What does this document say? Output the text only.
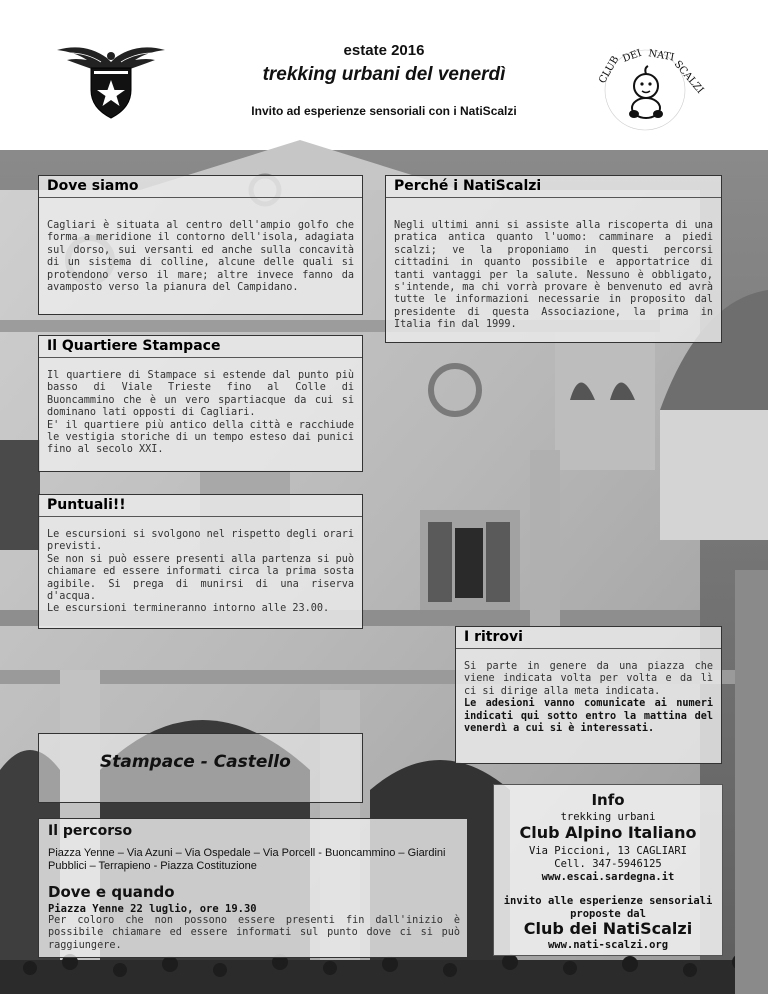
estate 2016
trekking urbani del venerdì
Invito ad esperienze sensoriali con i NatiScalzi
CLUB DEI NATI
SCALZI
Dove siamo

Cagliari è situata al centro dell'ampio golfo che forma a meridione il contorno dell'isola, adagiata sul dorso, sui versanti ed anche sulla concavità di un sistema di colline, alcune delle quali si protendono verso il mare; altre invece fanno da avamposto verso la pianura del Campidano.

Perché i NatiScalzi

Negli ultimi anni si assiste alla riscoperta di una pratica antica quanto l'uomo: camminare a piedi scalzi; ve la proponiamo in questi percorsi cittadini in quanto possibile e apportatrice di tanti vantaggi per la salute. Nessuno è obbligato, s'intende, ma chi vorrà provare è benvenuto ed avrà tutte le informazioni necessarie in proposito dal presidente di questa Associazione, la prima in Italia fin dal 1999.

Il Quartiere Stampace

Il quartiere di Stampace si estende dal punto più basso di Viale Trieste fino al Colle di Buoncammino che è un vero spartiacque da cui si dominano lati opposti di Cagliari.
E' il quartiere più antico della città e racchiude le vestigia storiche di un tempo esteso dai punici fino al secolo XXI.

Puntuali!!

Le escursioni si svolgono nel rispetto degli orari previsti.
Se non si può essere presenti alla partenza si può chiamare ed essere informati circa la prima sosta agibile. Si prega di munirsi di una riserva d'acqua.
Le escursioni termineranno intorno alle 23.00.

I ritrovi

Si parte in genere da una piazza che viene indicata volta per volta e da lì ci si dirige alla meta indicata.

Le adesioni vanno comunicate ai numeri indicati qui sotto entro la mattina del venerdì a cui si è interessati.

Stampace - Castello
Il percorso
Piazza Yenne – Via Azuni – Via Ospedale – Via Porcell - Buoncammino – Giardini Pubblici – Terrapieno - Piazza Costituzione
Dove e quando
Piazza Yenne 22 luglio, ore 19.30
Per coloro che non possono essere presenti fin dall'inizio è possibile chiamare ed essere informati sul punto dove ci si può raggiungere.
Info
trekking urbani
Club Alpino Italiano
Via Piccioni, 13 CAGLIARI
Cell. 347-5946125
www.escai.sardegna.it
invito alle esperienze sensoriali proposte dal
Club dei NatiScalzi
www.nati-scalzi.org
